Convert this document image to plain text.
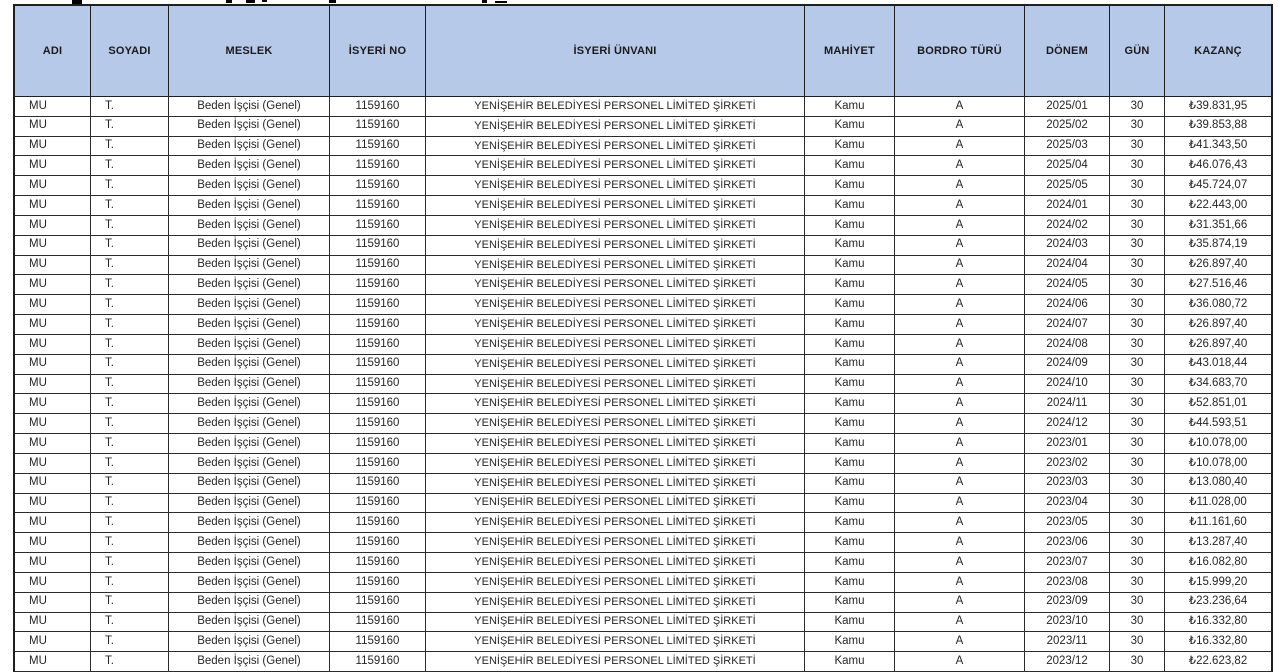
ADI	SOYADI	MESLEK	İSYERİ NO	İSYERİ ÜNVANI	MAHİYET	BORDRO TÜRÜ	DÖNEM	GÜN	KAZANÇ
MU	T.	Beden İşçisi (Genel)	1159160	YENİŞEHİR BELEDİYESİ PERSONEL LİMİTED ŞİRKETİ	Kamu	A	2025/01	30	₺39.831,95
MU	T.	Beden İşçisi (Genel)	1159160	YENİŞEHİR BELEDİYESİ PERSONEL LİMİTED ŞİRKETİ	Kamu	A	2025/02	30	₺39.853,88
MU	T.	Beden İşçisi (Genel)	1159160	YENİŞEHİR BELEDİYESİ PERSONEL LİMİTED ŞİRKETİ	Kamu	A	2025/03	30	₺41.343,50
MU	T.	Beden İşçisi (Genel)	1159160	YENİŞEHİR BELEDİYESİ PERSONEL LİMİTED ŞİRKETİ	Kamu	A	2025/04	30	₺46.076,43
MU	T.	Beden İşçisi (Genel)	1159160	YENİŞEHİR BELEDİYESİ PERSONEL LİMİTED ŞİRKETİ	Kamu	A	2025/05	30	₺45.724,07
MU	T.	Beden İşçisi (Genel)	1159160	YENİŞEHİR BELEDİYESİ PERSONEL LİMİTED ŞİRKETİ	Kamu	A	2024/01	30	₺22.443,00
MU	T.	Beden İşçisi (Genel)	1159160	YENİŞEHİR BELEDİYESİ PERSONEL LİMİTED ŞİRKETİ	Kamu	A	2024/02	30	₺31.351,66
MU	T.	Beden İşçisi (Genel)	1159160	YENİŞEHİR BELEDİYESİ PERSONEL LİMİTED ŞİRKETİ	Kamu	A	2024/03	30	₺35.874,19
MU	T.	Beden İşçisi (Genel)	1159160	YENİŞEHİR BELEDİYESİ PERSONEL LİMİTED ŞİRKETİ	Kamu	A	2024/04	30	₺26.897,40
MU	T.	Beden İşçisi (Genel)	1159160	YENİŞEHİR BELEDİYESİ PERSONEL LİMİTED ŞİRKETİ	Kamu	A	2024/05	30	₺27.516,46
MU	T.	Beden İşçisi (Genel)	1159160	YENİŞEHİR BELEDİYESİ PERSONEL LİMİTED ŞİRKETİ	Kamu	A	2024/06	30	₺36.080,72
MU	T.	Beden İşçisi (Genel)	1159160	YENİŞEHİR BELEDİYESİ PERSONEL LİMİTED ŞİRKETİ	Kamu	A	2024/07	30	₺26.897,40
MU	T.	Beden İşçisi (Genel)	1159160	YENİŞEHİR BELEDİYESİ PERSONEL LİMİTED ŞİRKETİ	Kamu	A	2024/08	30	₺26.897,40
MU	T.	Beden İşçisi (Genel)	1159160	YENİŞEHİR BELEDİYESİ PERSONEL LİMİTED ŞİRKETİ	Kamu	A	2024/09	30	₺43.018,44
MU	T.	Beden İşçisi (Genel)	1159160	YENİŞEHİR BELEDİYESİ PERSONEL LİMİTED ŞİRKETİ	Kamu	A	2024/10	30	₺34.683,70
MU	T.	Beden İşçisi (Genel)	1159160	YENİŞEHİR BELEDİYESİ PERSONEL LİMİTED ŞİRKETİ	Kamu	A	2024/11	30	₺52.851,01
MU	T.	Beden İşçisi (Genel)	1159160	YENİŞEHİR BELEDİYESİ PERSONEL LİMİTED ŞİRKETİ	Kamu	A	2024/12	30	₺44.593,51
MU	T.	Beden İşçisi (Genel)	1159160	YENİŞEHİR BELEDİYESİ PERSONEL LİMİTED ŞİRKETİ	Kamu	A	2023/01	30	₺10.078,00
MU	T.	Beden İşçisi (Genel)	1159160	YENİŞEHİR BELEDİYESİ PERSONEL LİMİTED ŞİRKETİ	Kamu	A	2023/02	30	₺10.078,00
MU	T.	Beden İşçisi (Genel)	1159160	YENİŞEHİR BELEDİYESİ PERSONEL LİMİTED ŞİRKETİ	Kamu	A	2023/03	30	₺13.080,40
MU	T.	Beden İşçisi (Genel)	1159160	YENİŞEHİR BELEDİYESİ PERSONEL LİMİTED ŞİRKETİ	Kamu	A	2023/04	30	₺11.028,00
MU	T.	Beden İşçisi (Genel)	1159160	YENİŞEHİR BELEDİYESİ PERSONEL LİMİTED ŞİRKETİ	Kamu	A	2023/05	30	₺11.161,60
MU	T.	Beden İşçisi (Genel)	1159160	YENİŞEHİR BELEDİYESİ PERSONEL LİMİTED ŞİRKETİ	Kamu	A	2023/06	30	₺13.287,40
MU	T.	Beden İşçisi (Genel)	1159160	YENİŞEHİR BELEDİYESİ PERSONEL LİMİTED ŞİRKETİ	Kamu	A	2023/07	30	₺16.082,80
MU	T.	Beden İşçisi (Genel)	1159160	YENİŞEHİR BELEDİYESİ PERSONEL LİMİTED ŞİRKETİ	Kamu	A	2023/08	30	₺15.999,20
MU	T.	Beden İşçisi (Genel)	1159160	YENİŞEHİR BELEDİYESİ PERSONEL LİMİTED ŞİRKETİ	Kamu	A	2023/09	30	₺23.236,64
MU	T.	Beden İşçisi (Genel)	1159160	YENİŞEHİR BELEDİYESİ PERSONEL LİMİTED ŞİRKETİ	Kamu	A	2023/10	30	₺16.332,80
MU	T.	Beden İşçisi (Genel)	1159160	YENİŞEHİR BELEDİYESİ PERSONEL LİMİTED ŞİRKETİ	Kamu	A	2023/11	30	₺16.332,80
MU	T.	Beden İşçisi (Genel)	1159160	YENİŞEHİR BELEDİYESİ PERSONEL LİMİTED ŞİRKETİ	Kamu	A	2023/12	30	₺22.623,82
